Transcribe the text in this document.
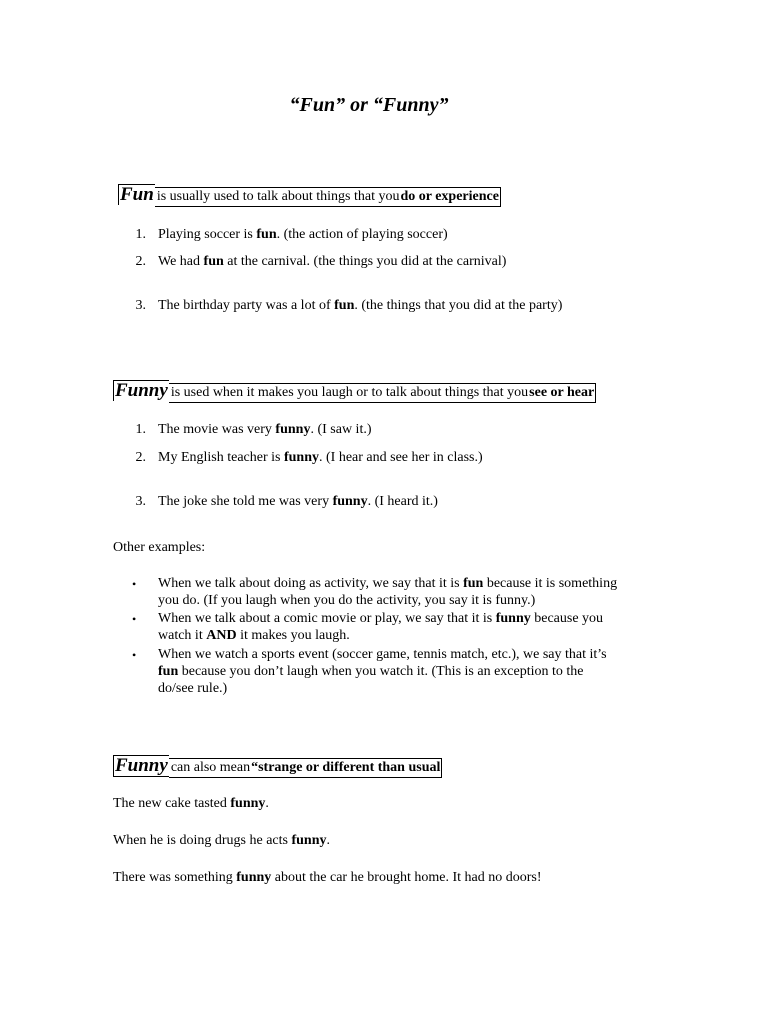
“Fun” or “Funny”
Funis usually used to talk about things that youdo or experience
1. Playing soccer is fun. (the action of playing soccer)
2. We had fun at the carnival. (the things you did at the carnival)
3. The birthday party was a lot of fun. (the things that you did at the party)
Funnyis used when it makes you laugh or to talk about things that yousee or hear
1. The movie was very funny. (I saw it.)
2. My English teacher is funny. (I hear and see her in class.)
3. The joke she told me was very funny. (I heard it.)
Other examples:
• When we talk about doing as activity, we say that it is fun because it is something
you do. (If you laugh when you do the activity, you say it is funny.)
• When we talk about a comic movie or play, we say that it is funny because you
watch it AND it makes you laugh.
• When we watch a sports event (soccer game, tennis match, etc.), we say that it’s
fun because you don’t laugh when you watch it. (This is an exception to the
do/see rule.)
Funnycan also mean“strange or different than usual
The new cake tasted funny.
When he is doing drugs he acts funny.
There was something funny about the car he brought home. It had no doors!
